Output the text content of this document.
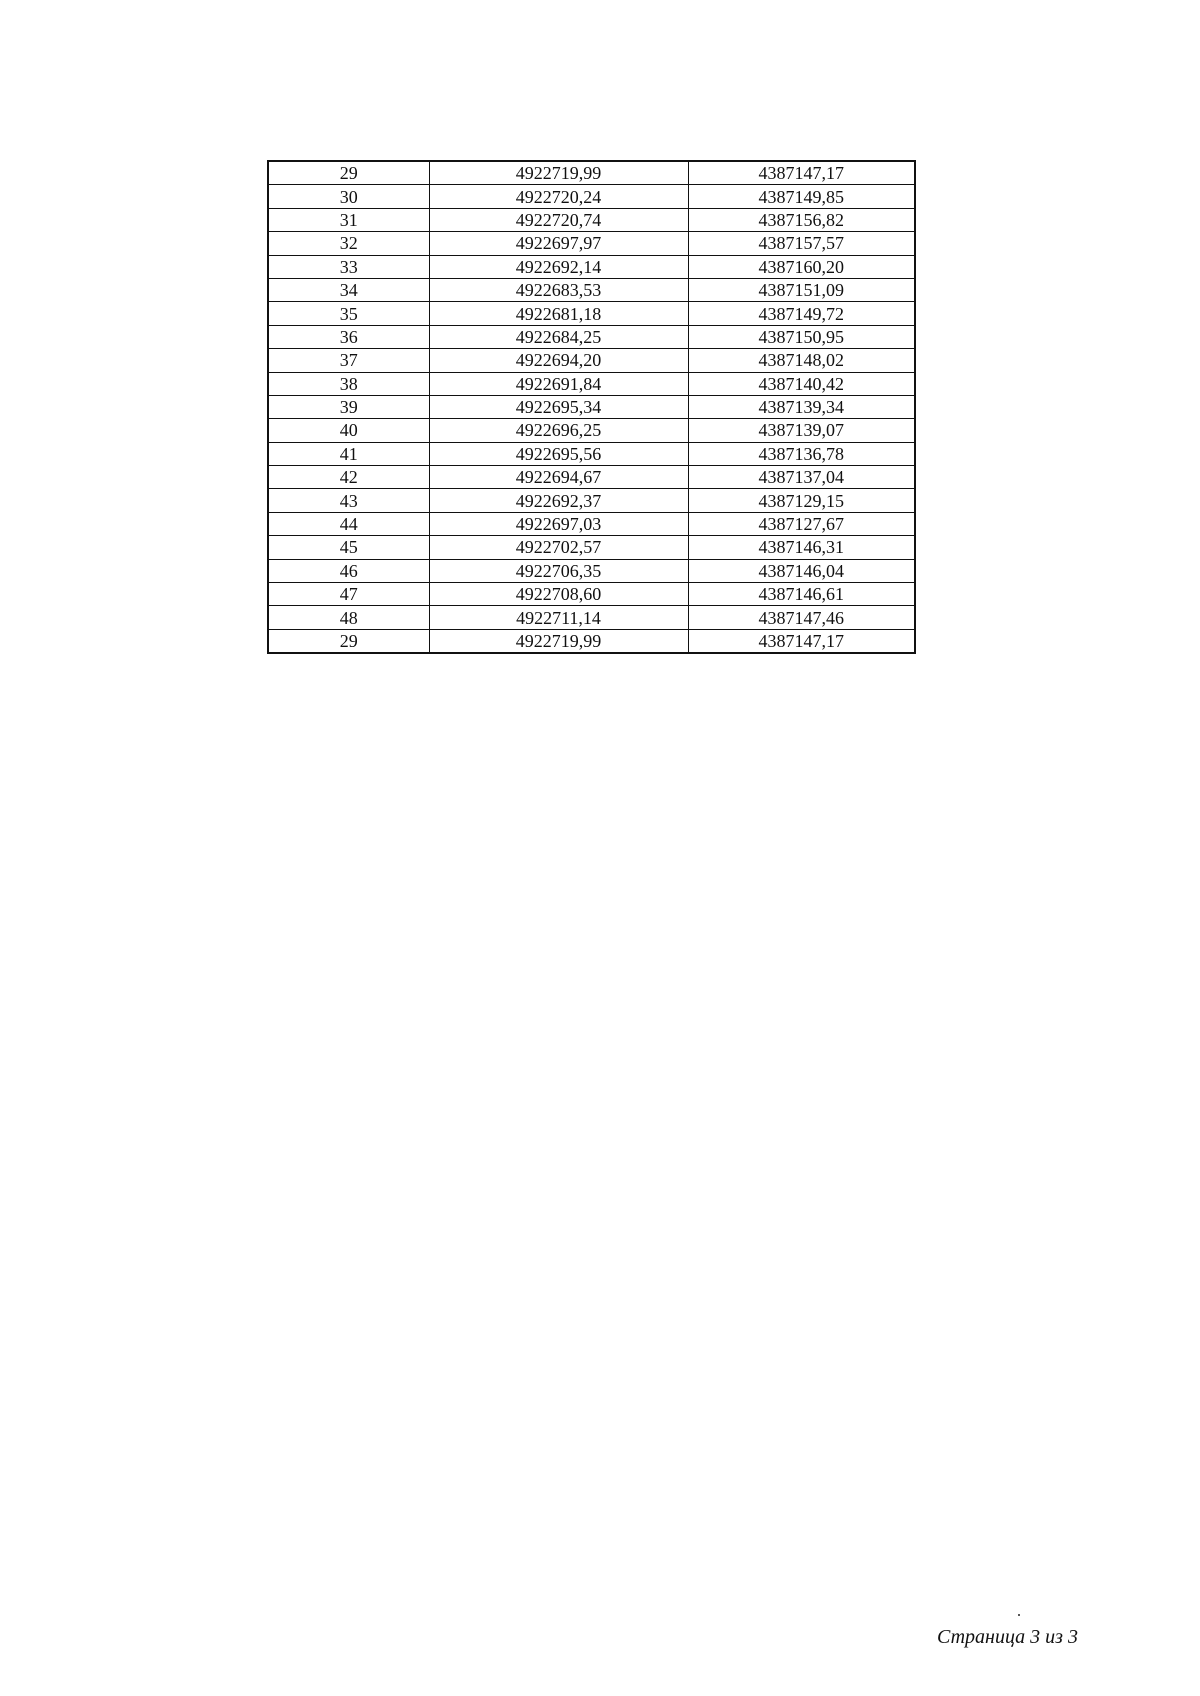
29	4922719,99	4387147,17
30	4922720,24	4387149,85
31	4922720,74	4387156,82
32	4922697,97	4387157,57
33	4922692,14	4387160,20
34	4922683,53	4387151,09
35	4922681,18	4387149,72
36	4922684,25	4387150,95
37	4922694,20	4387148,02
38	4922691,84	4387140,42
39	4922695,34	4387139,34
40	4922696,25	4387139,07
41	4922695,56	4387136,78
42	4922694,67	4387137,04
43	4922692,37	4387129,15
44	4922697,03	4387127,67
45	4922702,57	4387146,31
46	4922706,35	4387146,04
47	4922708,60	4387146,61
48	4922711,14	4387147,46
29	4922719,99	4387147,17
Страница 3 из 3
